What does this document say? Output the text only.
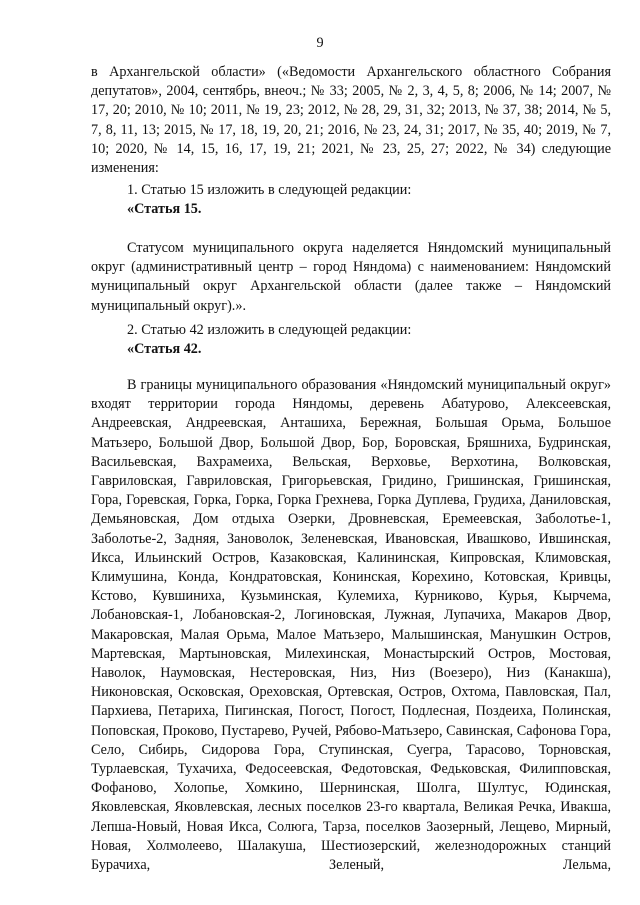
9

в Архангельской области» («Ведомости Архангельского областного Собрания депутатов», 2004, сентябрь, внеоч.; № 33; 2005, № 2, 3, 4, 5, 8; 2006, № 14; 2007, № 17, 20; 2010, № 10; 2011, № 19, 23; 2012, № 28, 29, 31, 32; 2013, № 37, 38; 2014, № 5, 7, 8, 11, 13; 2015, № 17, 18, 19, 20, 21; 2016, № 23, 24, 31; 2017, № 35, 40; 2019, № 7, 10; 2020, № 14, 15, 16, 17, 19, 21; 2021, № 23, 25, 27; 2022, № 34) следующие изменения:

1. Статью 15 изложить в следующей редакции:

«Статья 15.

Статусом муниципального округа наделяется Няндомский муниципальный округ (административный центр – город Няндома) с наименованием: Няндомский муниципальный округ Архангельской области (далее также – Няндомский муниципальный округ).».

2. Статью 42 изложить в следующей редакции:

«Статья 42.

В границы муниципального образования «Няндомский муниципальный округ» входят территории города Няндомы, деревень Абатурово, Алексеевская, Андреевская, Андреевская, Анташиха, Бережная, Большая Орьма, Большое Матьзеро, Большой Двор, Большой Двор, Бор, Боровская, Бряшниха, Будринская, Васильевская, Вахрамеиха, Вельская, Верховье, Верхотина, Волковская, Гавриловская, Гавриловская, Григорьевская, Гридино, Гришинская, Гришинская, Гора, Горевская, Горка, Горка, Горка Грехнева, Горка Дуплева, Грудиха, Даниловская, Демьяновская, Дом отдыха Озерки, Дровневская, Еремеевская, Заболотье-1, Заболотье-2, Задняя, Зановолок, Зеленевская, Ивановская, Ивашково, Ившинская, Икса, Ильинский Остров, Казаковская, Калининская, Кипровская, Климовская, Климушина, Конда, Кондратовская, Конинская, Корехино, Котовская, Кривцы, Кстово, Кувшиниха, Кузьминская, Кулемиха, Курниково, Курья, Кырчема, Лобановская-1, Лобановская-2, Логиновская, Лужная, Лупачиха, Макаров Двор, Макаровская, Малая Орьма, Малое Матьзеро, Малышинская, Манушкин Остров, Мартевская, Мартыновская, Милехинская, Монастырский Остров, Мостовая, Наволок, Наумовская, Нестеровская, Низ, Низ (Воезеро), Низ (Канакша), Никоновская, Осковская, Ореховская, Ортевская, Остров, Охтома, Павловская, Пал, Пархиева, Петариха, Пигинская, Погост, Погост, Подлесная, Поздеиха, Полинская, Поповская, Проково, Пустарево, Ручей, Рябово-Матьзеро, Савинская, Сафонова Гора, Село, Сибирь, Сидорова Гора, Ступинская, Суегра, Тарасово, Торновская, Турлаевская, Тухачиха, Федосеевская, Федотовская, Федьковская, Филипповская, Фофаново, Холопье, Хомкино, Шернинская, Шолга, Шултус, Юдинская, Яковлевская, Яковлевская, лесных поселков 23-го квартала, Великая Речка, Ивакша, Лепша-Новый, Новая Икса, Солюга, Тарза, поселков Заозерный, Лещево, Мирный, Новая, Холмолеево, Шалакуша, Шестиозерский, железнодорожных станций Бурачиха, Зеленый, Лельма,
